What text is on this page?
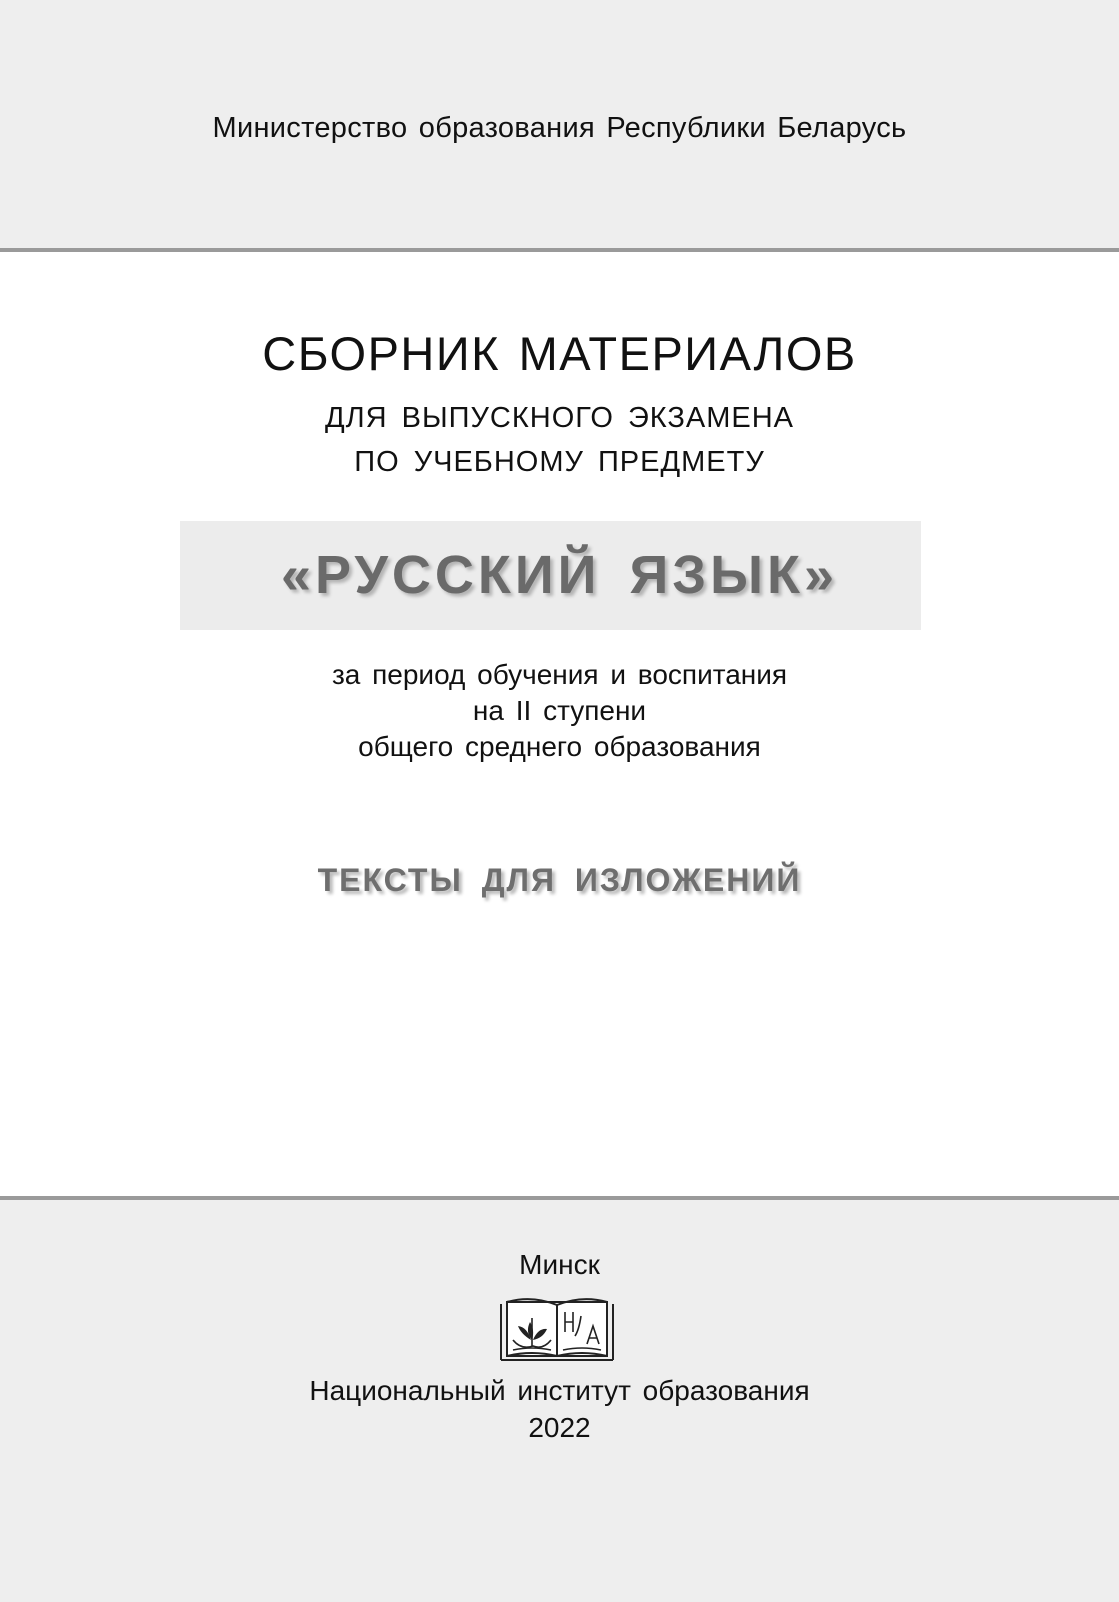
Министерство образования Республики Беларусь
СБОРНИК МАТЕРИАЛОВ
ДЛЯ ВЫПУСКНОГО ЭКЗАМЕНА
ПО УЧЕБНОМУ ПРЕДМЕТУ
«РУССКИЙ ЯЗЫК»
за период обучения и воспитания
на II ступени
общего среднего образования
ТЕКСТЫ ДЛЯ ИЗЛОЖЕНИЙ
Минск
Национальный институт образования
2022
